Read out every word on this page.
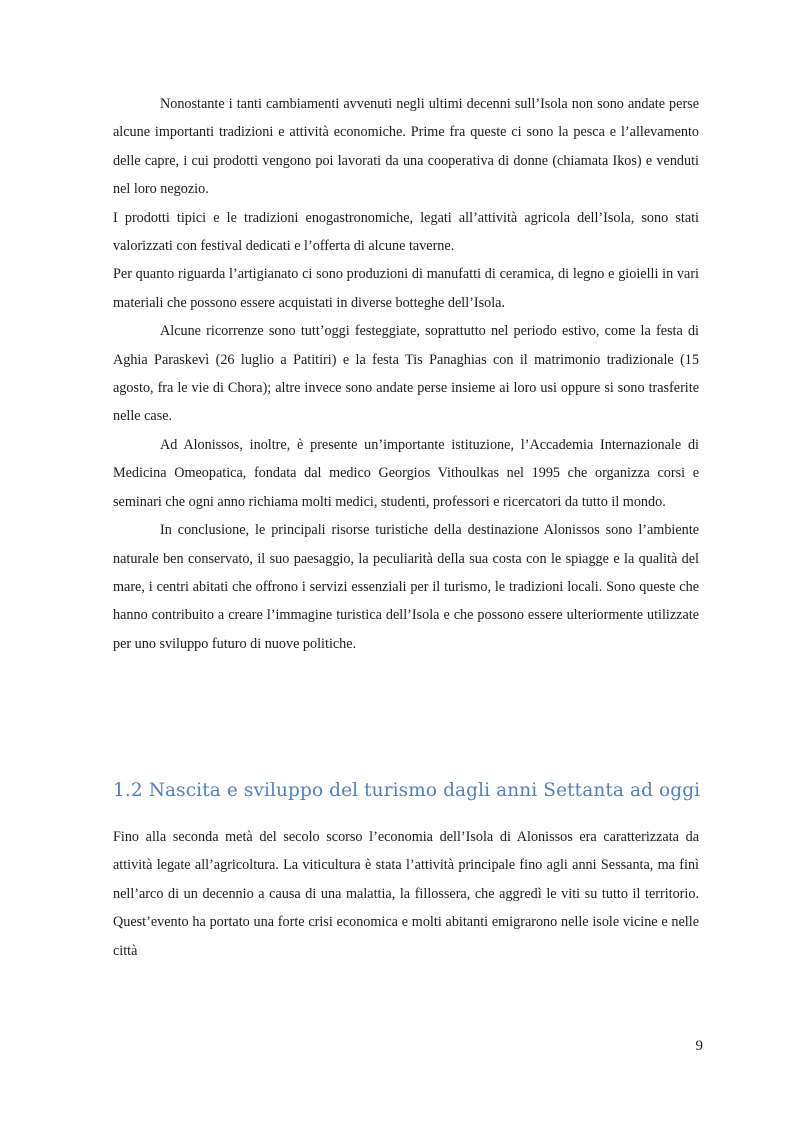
Nonostante i tanti cambiamenti avvenuti negli ultimi decenni sull’Isola non sono andate perse alcune importanti tradizioni e attività economiche. Prime fra queste ci sono la pesca e l’allevamento delle capre, i cui prodotti vengono poi lavorati da una cooperativa di donne (chiamata Ikos) e venduti nel loro negozio.

I prodotti tipici e le tradizioni enogastronomiche, legati all’attività agricola dell’Isola, sono stati valorizzati con festival dedicati e l’offerta di alcune taverne.

Per quanto riguarda l’artigianato ci sono produzioni di manufatti di ceramica, di legno e gioielli in vari materiali che possono essere acquistati in diverse botteghe dell’Isola.

Alcune ricorrenze sono tutt’oggi festeggiate, soprattutto nel periodo estivo, come la festa di Aghia Paraskevì (26 luglio a Patitiri) e la festa Tis Panaghias con il matrimonio tradizionale (15 agosto, fra le vie di Chora); altre invece sono andate perse insieme ai loro usi oppure si sono trasferite nelle case.

Ad Alonissos, inoltre, è presente un’importante istituzione, l’Accademia Internazionale di Medicina Omeopatica, fondata dal medico Georgios Vithoulkas nel 1995 che organizza corsi e seminari che ogni anno richiama molti medici, studenti, professori e ricercatori da tutto il mondo.

In conclusione, le principali risorse turistiche della destinazione Alonissos sono l’ambiente naturale ben conservato, il suo paesaggio, la peculiarità della sua costa con le spiagge e la qualità del mare, i centri abitati che offrono i servizi essenziali per il turismo, le tradizioni locali. Sono queste che hanno contribuito a creare l’immagine turistica dell’Isola e che possono essere ulteriormente utilizzate per uno sviluppo futuro di nuove politiche.

1.2 Nascita e sviluppo del turismo dagli anni Settanta ad oggi

Fino alla seconda metà del secolo scorso l’economia dell’Isola di Alonissos era caratterizzata da attività legate all’agricoltura. La viticultura è stata l’attività principale fino agli anni Sessanta, ma finì nell’arco di un decennio a causa di una malattia, la fillossera, che aggredì le viti su tutto il territorio. Quest’evento ha portato una forte crisi economica e molti abitanti emigrarono nelle isole vicine e nelle città

9
